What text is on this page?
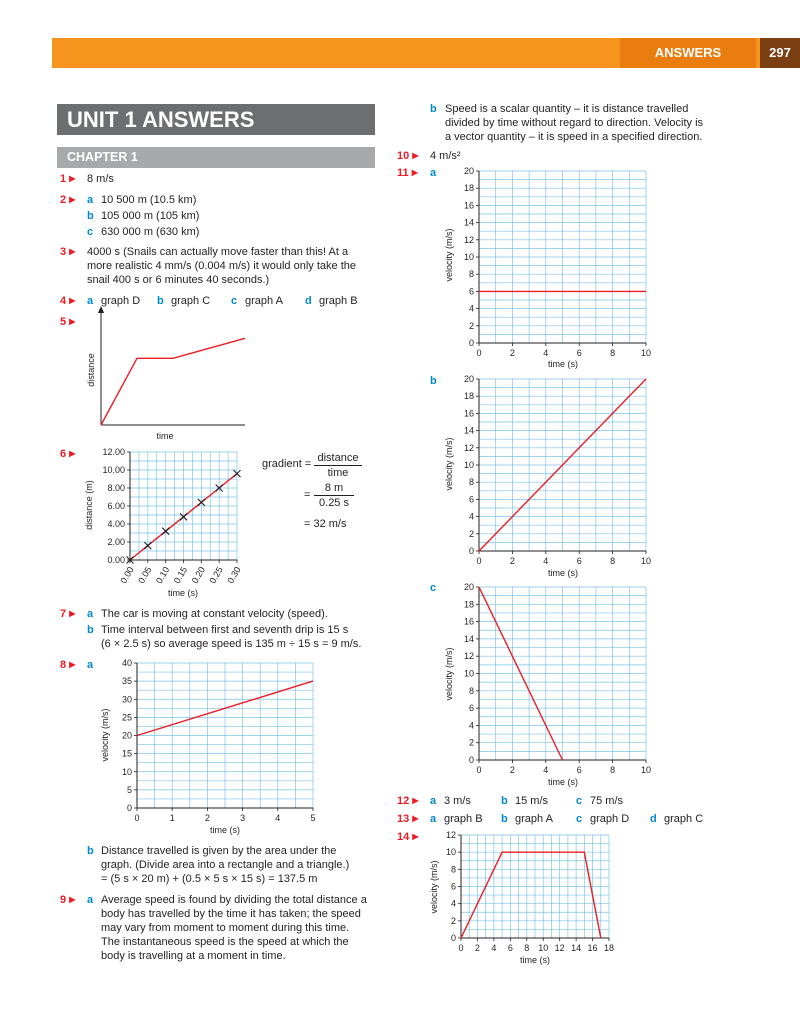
ANSWERS	297
UNIT 1 ANSWERS
CHAPTER 1
1 ▶ 8 m/s
2 ▶ a 10 500 m (10.5 km)
b 105 000 m (105 km)
c 630 000 m (630 km)
3 ▶ 4000 s (Snails can actually move faster than this! At a
more realistic 4 mm/s (0.004 m/s) it would only take the
snail 400 s or 6 minutes 40 seconds.)
4 ▶ a graph D b graph C c graph A d graph B
5 ▶
distance
time
6 ▶
0.00
2.00
4.00
6.00
8.00
10.00
12.00
0.00 0.05 0.10 0.15 0.20 0.25 0.30
distance (m)
time (s)
gradient = distance
time
=
8 m
0.25 s
= 32 m/s
7 ▶ a The car is moving at constant velocity (speed).
b Time interval between first and seventh drip is 15 s
(6 × 2.5 s) so average speed is 135 m ÷ 15 s = 9 m/s.
8 ▶ a
0
5
10
15
20
25
30
35
40
0	1	2	3	4	5
velocity (m/s)
time (s)
b Distance travelled is given by the area under the
graph. (Divide area into a rectangle and a triangle.)
= (5 s × 20 m) + (0.5 × 5 s × 15 s) = 137.5 m
9 ▶ a Average speed is found by dividing the total distance a
body has travelled by the time it has taken; the speed
may vary from moment to moment during this time.
The instantaneous speed is the speed at which the
body is travelling at a moment in time.
b Speed is a scalar quantity – it is distance travelled
divided by time without regard to direction. Velocity is
a vector quantity – it is speed in a specified direction.
10 ▶ 4 m/s²
11 ▶ a
0
2
4
6
8
10
12
14
16
18
20
0	2	4	6	8	10
velocity (m/s)
time (s)
b
0
2
4
6
8
10
12
14
16
18
20
0	2	4	6	8	10
velocity (m/s)
time (s)
c
0
2
4
6
8
10
12
14
16
18
20
0	2	4	6	8	10
velocity (m/s)
time (s)
12 ▶ a 3 m/s	b 15 m/s	c 75 m/s
13 ▶ a graph B b graph A c graph D d graph C
14 ▶
0
2
4
6
8
10
12
0 2 4 6 8 10 12 14 16 18
velocity (m/s)
time (s)
